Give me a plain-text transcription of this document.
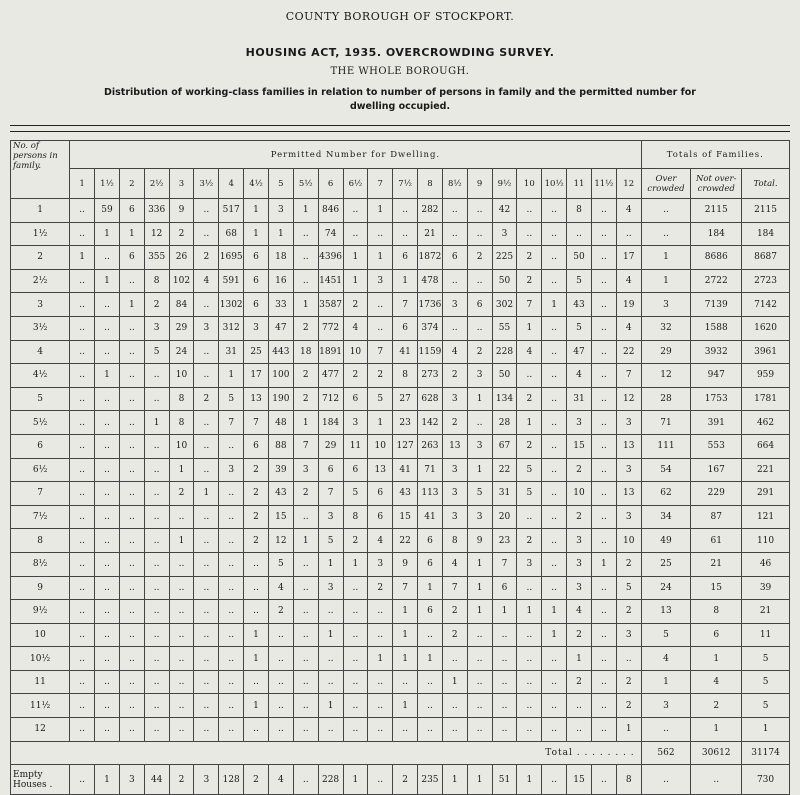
COUNTY BOROUGH OF STOCKPORT.
HOUSING ACT, 1935. OVERCROWDING SURVEY.
THE WHOLE BOROUGH.
Distribution of working-class families in relation to number of persons in family and the permitted number for
dwelling occupied.
No. of persons in family.	Permitted Number for Dwelling.																							Totals of Families.		
	1	1½	2	2½	3	3½	4	4½	5	5½	6	6½	7	7½	8	8½	9	9½	10	10½	11	11½	12	Over crowded	Not over-crowded	Total.
1	..	59	6	336	9	..	517	1	3	1	846	..	1	..	282	..	..	42	..	..	8	..	4	..	2115	2115
1½	..	1	1	12	2	..	68	1	1	..	74	..	..	..	21	..	..	3	..	..	..	..	..	..	184	184
2	1	..	6	355	26	2	1695	6	18	..	4396	1	1	6	1872	6	2	225	2	..	50	..	17	1	8686	8687
2½	..	1	..	8	102	4	591	6	16	..	1451	1	3	1	478	..	..	50	2	..	5	..	4	1	2722	2723
3	..	..	1	2	84	..	1302	6	33	1	3587	2	..	7	1736	3	6	302	7	1	43	..	19	3	7139	7142
3½	..	..	..	3	29	3	312	3	47	2	772	4	..	6	374	..	..	55	1	..	5	..	4	32	1588	1620
4	..	..	..	5	24	..	31	25	443	18	1891	10	7	41	1159	4	2	228	4	..	47	..	22	29	3932	3961
4½	..	1	..	..	10	..	1	17	100	2	477	2	2	8	273	2	3	50	..	..	4	..	7	12	947	959
5	..	..	..	..	8	2	5	13	190	2	712	6	5	27	628	3	1	134	2	..	31	..	12	28	1753	1781
5½	..	..	..	1	8	..	7	7	48	1	184	3	1	23	142	2	..	28	1	..	3	..	3	71	391	462
6	..	..	..	..	10	..	..	6	88	7	29	11	10	127	263	13	3	67	2	..	15	..	13	111	553	664
6½	..	..	..	..	1	..	3	2	39	3	6	6	13	41	71	3	1	22	5	..	2	..	3	54	167	221
7	..	..	..	..	2	1	..	2	43	2	7	5	6	43	113	3	5	31	5	..	10	..	13	62	229	291
7½	..	..	..	..	..	..	..	2	15	..	3	8	6	15	41	3	3	20	..	..	2	..	3	34	87	121
8	..	..	..	..	1	..	..	2	12	1	5	2	4	22	6	8	9	23	2	..	3	..	10	49	61	110
8½	..	..	..	..	..	..	..	..	5	..	1	1	3	9	6	4	1	7	3	..	3	1	2	25	21	46
9	..	..	..	..	..	..	..	..	4	..	3	..	2	7	1	7	1	6	..	..	3	..	5	24	15	39
9½	..	..	..	..	..	..	..	..	2	..	..	..	..	1	6	2	1	1	1	1	4	..	2	13	8	21
10	..	..	..	..	..	..	..	1	..	..	1	..	..	1	..	2	..	..	..	1	2	..	3	5	6	11
10½	..	..	..	..	..	..	..	1	..	..	..	..	1	1	1	..	..	..	..	..	1	..	..	4	1	5
11	..	..	..	..	..	..	..	..	..	..	..	..	..	..	..	1	..	..	..	..	2	..	2	1	4	5
11½	..	..	..	..	..	..	..	1	..	..	1	..	..	1	..	..	..	..	..	..	..	..	2	3	2	5
12	..	..	..	..	..	..	..	..	..	..	..	..	..	..	..	..	..	..	..	..	..	..	1	..	1	1
Total . . . . . . . .																								562	30612	31174
Empty Houses .	..	1	3	44	2	3	128	2	4	..	228	1	..	2	235	1	1	51	1	..	15	..	8	..	..	730
